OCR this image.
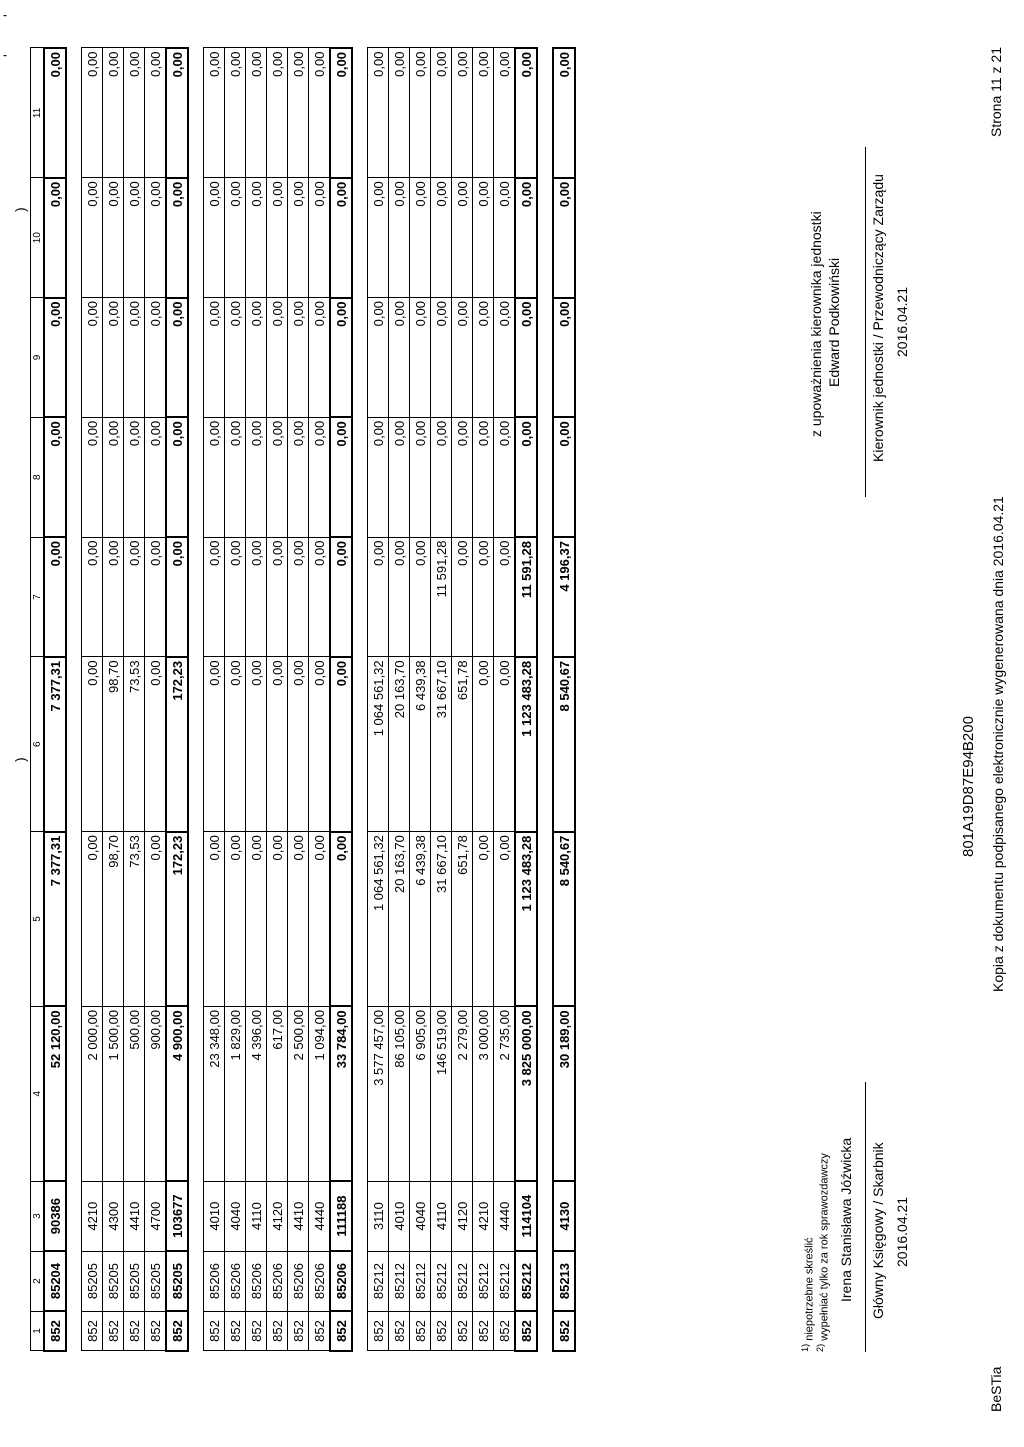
1	2	3	4	5	6	7	8	9	10	11
852	85204	90386	52 120,00	7 377,31	7 377,31	0,00	0,00	0,00	0,00	0,00

852	85205	4210	2 000,00	0,00	0,00	0,00	0,00	0,00	0,00	0,00
852	85205	4300	1 500,00	98,70	98,70	0,00	0,00	0,00	0,00	0,00
852	85205	4410	500,00	73,53	73,53	0,00	0,00	0,00	0,00	0,00
852	85205	4700	900,00	0,00	0,00	0,00	0,00	0,00	0,00	0,00
852	85205	103677	4 900,00	172,23	172,23	0,00	0,00	0,00	0,00	0,00

852	85206	4010	23 348,00	0,00	0,00	0,00	0,00	0,00	0,00	0,00
852	85206	4040	1 829,00	0,00	0,00	0,00	0,00	0,00	0,00	0,00
852	85206	4110	4 396,00	0,00	0,00	0,00	0,00	0,00	0,00	0,00
852	85206	4120	617,00	0,00	0,00	0,00	0,00	0,00	0,00	0,00
852	85206	4410	2 500,00	0,00	0,00	0,00	0,00	0,00	0,00	0,00
852	85206	4440	1 094,00	0,00	0,00	0,00	0,00	0,00	0,00	0,00
852	85206	111188	33 784,00	0,00	0,00	0,00	0,00	0,00	0,00	0,00

852	85212	3110	3 577 457,00	1 064 561,32	1 064 561,32	0,00	0,00	0,00	0,00	0,00
852	85212	4010	86 105,00	20 163,70	20 163,70	0,00	0,00	0,00	0,00	0,00
852	85212	4040	6 905,00	6 439,38	6 439,38	0,00	0,00	0,00	0,00	0,00
852	85212	4110	146 519,00	31 667,10	31 667,10	11 591,28	0,00	0,00	0,00	0,00
852	85212	4120	2 279,00	651,78	651,78	0,00	0,00	0,00	0,00	0,00
852	85212	4210	3 000,00	0,00	0,00	0,00	0,00	0,00	0,00	0,00
852	85212	4440	2 735,00	0,00	0,00	0,00	0,00	0,00	0,00	0,00
852	85212	114104	3 825 000,00	1 123 483,28	1 123 483,28	11 591,28	0,00	0,00	0,00	0,00

852	85213	4130	30 189,00	8 540,67	8 540,67	4 196,37	0,00	0,00	0,00	0,00
$^{1)}$ niepotrzebne skreślić
$^{2)}$ wypełniać tylko za rok sprawozdawczy Irena Stanisława Jóźwicka Główny Księgowy / Skarbnik 2016.04.21
z upoważnienia kierownika jednostki Edward Podkowiński Kierownik jednostki / Przewodniczący Zarządu 2016.04.21
BeSTia
801A19D87E94B200 Kopia z dokumentu podpisanego elektronicznie wygenerowana dnia 2016.04.21
Strona 11 z 21
)
)
'
'
